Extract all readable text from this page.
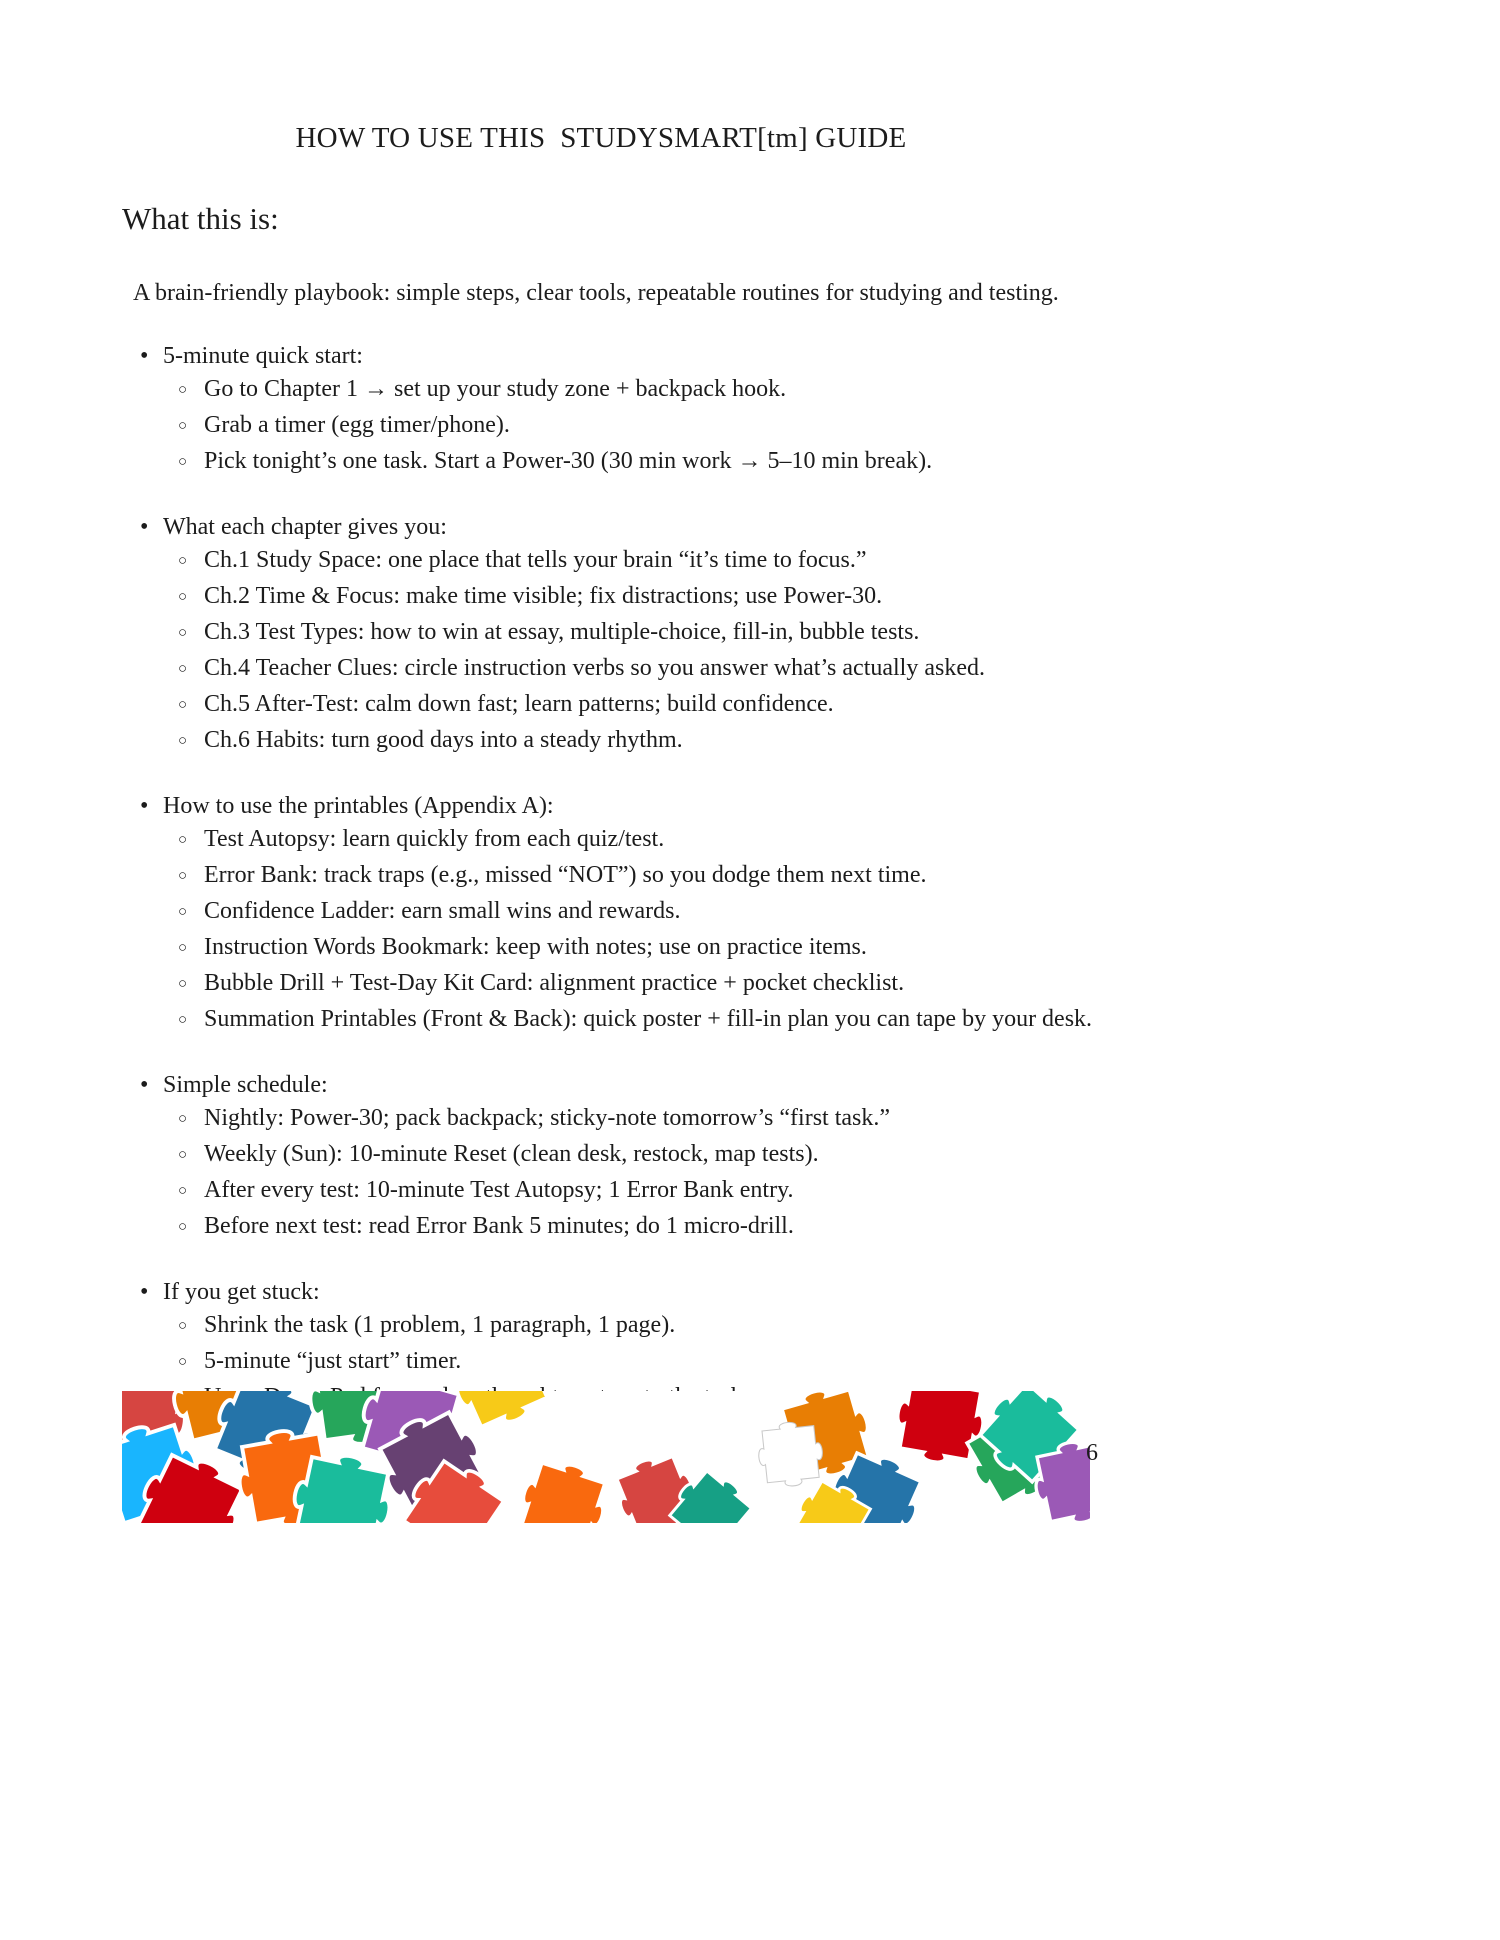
HOW TO USE THIS  STUDYSMART[tm] GUIDE
What this is:

A brain-friendly playbook: simple steps, clear tools, repeatable routines for studying and testing.

•
5-minute quick start:
○
Go to Chapter 1 → set up your study zone + backpack hook.
○
Grab a timer (egg timer/phone).
○
Pick tonight’s one task. Start a Power-30 (30 min work → 5–10 min break).
•
What each chapter gives you:
○
Ch.1 Study Space: one place that tells your brain “it’s time to focus.”
○
Ch.2 Time & Focus: make time visible; fix distractions; use Power-30.
○
Ch.3 Test Types: how to win at essay, multiple-choice, fill-in, bubble tests.
○
Ch.4 Teacher Clues: circle instruction verbs so you answer what’s actually asked.
○
Ch.5 After-Test: calm down fast; learn patterns; build confidence.
○
Ch.6 Habits: turn good days into a steady rhythm.
•
How to use the printables (Appendix A):
○
Test Autopsy: learn quickly from each quiz/test.
○
Error Bank: track traps (e.g., missed “NOT”) so you dodge them next time.
○
Confidence Ladder: earn small wins and rewards.
○
Instruction Words Bookmark: keep with notes; use on practice items.
○
Bubble Drill + Test-Day Kit Card: alignment practice + pocket checklist.
○
Summation Printables (Front & Back): quick poster + fill-in plan you can tape by your desk.
•
Simple schedule:
○
Nightly: Power-30; pack backpack; sticky-note tomorrow’s “first task.”
○
Weekly (Sun): 10-minute Reset (clean desk, restock, map tests).
○
After every test: 10-minute Test Autopsy; 1 Error Bank entry.
○
Before next test: read Error Bank 5 minutes; do 1 micro-drill.
•
If you get stuck:
○
Shrink the task (1 problem, 1 paragraph, 1 page).
○
5-minute “just start” timer.
○
6
